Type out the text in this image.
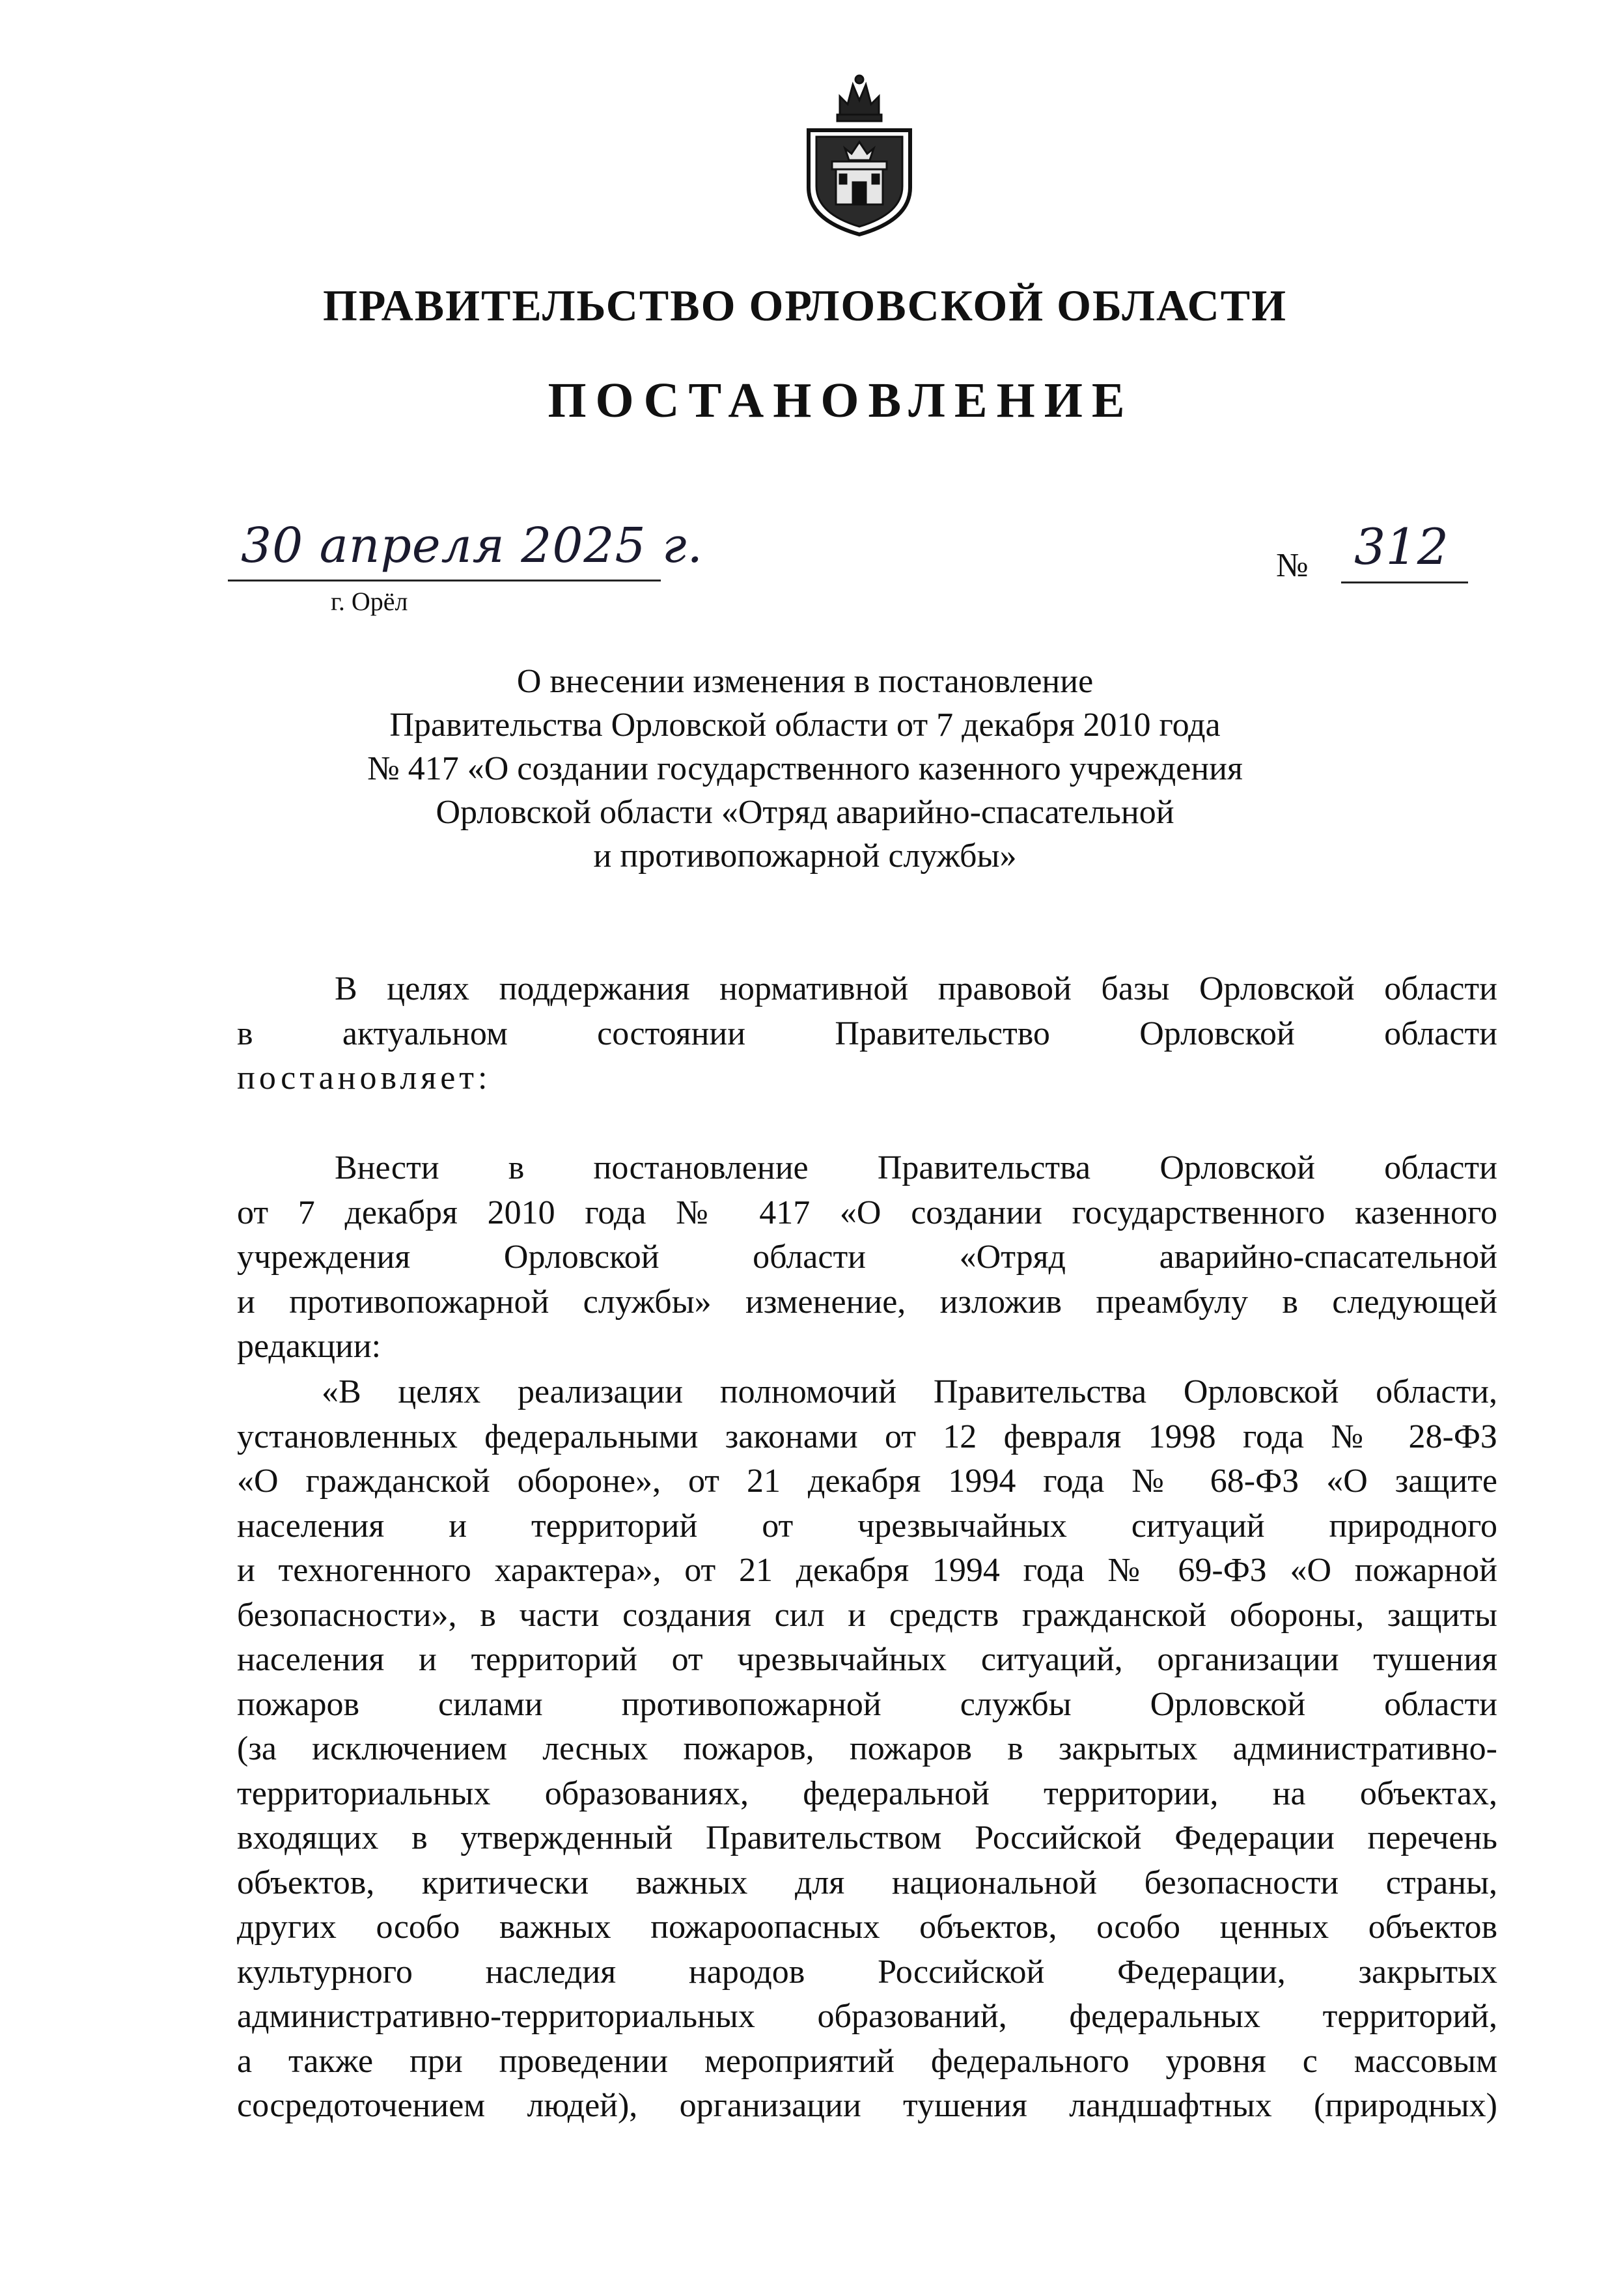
ПРАВИТЕЛЬСТВО ОРЛОВСКОЙ ОБЛАСТИ
ПОСТАНОВЛЕНИЕ
30 апреля 2025 г.
г. Орёл
№ 312
О внесении изменения в постановление
Правительства Орловской области от 7 декабря 2010 года
№ 417 «О создании государственного казенного учреждения
Орловской области «Отряд аварийно-спасательной
и противопожарной службы»
В целях поддержания нормативной правовой базы Орловской области
в актуальном состоянии Правительство Орловской области
постановляет:
Внести в постановление Правительства Орловской области
от 7 декабря 2010 года № 417 «О создании государственного казенного
учреждения Орловской области «Отряд аварийно-спасательной
и противопожарной службы» изменение, изложив преамбулу в следующей
редакции:
«В целях реализации полномочий Правительства Орловской области,
установленных федеральными законами от 12 февраля 1998 года № 28-ФЗ
«О гражданской обороне», от 21 декабря 1994 года № 68-ФЗ «О защите
населения и территорий от чрезвычайных ситуаций природного
и техногенного характера», от 21 декабря 1994 года № 69-ФЗ «О пожарной
безопасности», в части создания сил и средств гражданской обороны, защиты
населения и территорий от чрезвычайных ситуаций, организации тушения
пожаров силами противопожарной службы Орловской области
(за исключением лесных пожаров, пожаров в закрытых административно-
территориальных образованиях, федеральной территории, на объектах,
входящих в утвержденный Правительством Российской Федерации перечень
объектов, критически важных для национальной безопасности страны,
других особо важных пожароопасных объектов, особо ценных объектов
культурного наследия народов Российской Федерации, закрытых
административно-территориальных образований, федеральных территорий,
а также при проведении мероприятий федерального уровня с массовым
сосредоточением людей), организации тушения ландшафтных (природных)
